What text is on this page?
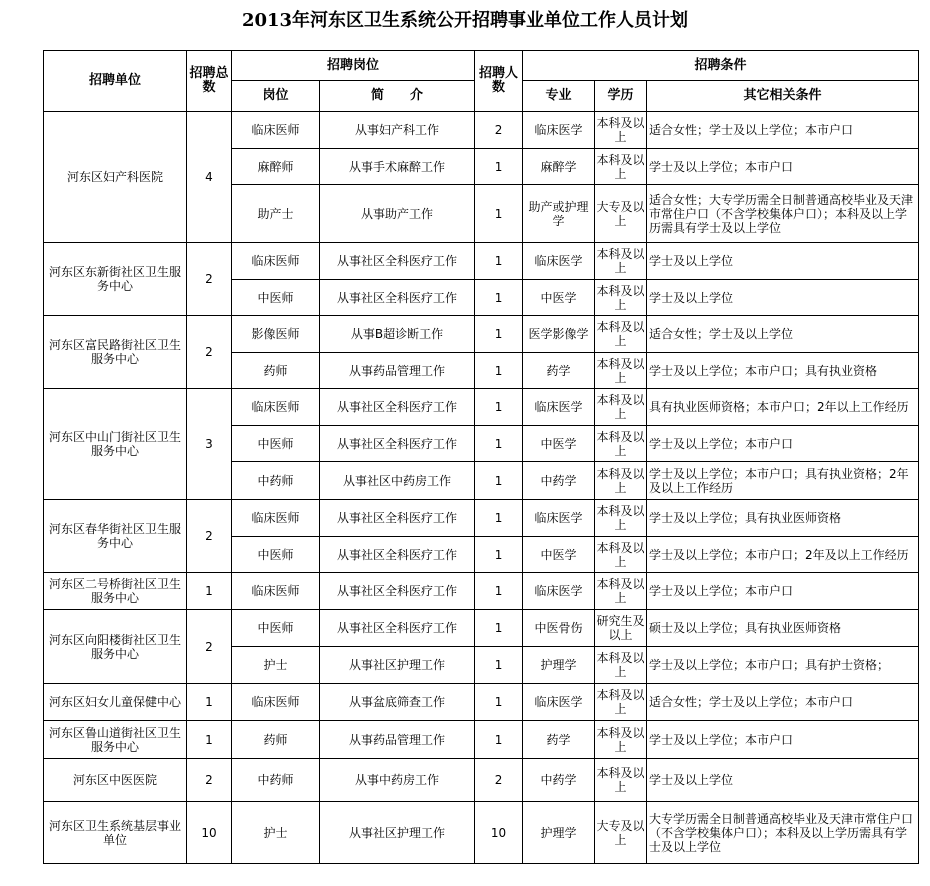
2013年河东区卫生系统公开招聘事业单位工作人员计划
招聘单位	招聘总数	招聘岗位		招聘人数	招聘条件		
		岗位	简　　介		专业	学历	其它相关条件
河东区妇产科医院	4	临床医师	从事妇产科工作	2	临床医学	本科及以上	适合女性；学士及以上学位；本市户口
		麻醉师	从事手术麻醉工作	1	麻醉学	本科及以上	学士及以上学位；本市户口
		助产士	从事助产工作	1	助产或护理学	大专及以上	适合女性；大专学历需全日制普通高校毕业及天津市常住户口（不含学校集体户口）；本科及以上学历需具有学士及以上学位
河东区东新街社区卫生服务中心	2	临床医师	从事社区全科医疗工作	1	临床医学	本科及以上	学士及以上学位
		中医师	从事社区全科医疗工作	1	中医学	本科及以上	学士及以上学位
河东区富民路街社区卫生服务中心	2	影像医师	从事B超诊断工作	1	医学影像学	本科及以上	适合女性；学士及以上学位
		药师	从事药品管理工作	1	药学	本科及以上	学士及以上学位；本市户口；具有执业资格
河东区中山门街社区卫生服务中心	3	临床医师	从事社区全科医疗工作	1	临床医学	本科及以上	具有执业医师资格；本市户口；2年以上工作经历
		中医师	从事社区全科医疗工作	1	中医学	本科及以上	学士及以上学位；本市户口
		中药师	从事社区中药房工作	1	中药学	本科及以上	学士及以上学位；本市户口；具有执业资格；2年及以上工作经历
河东区春华街社区卫生服务中心	2	临床医师	从事社区全科医疗工作	1	临床医学	本科及以上	学士及以上学位；具有执业医师资格
		中医师	从事社区全科医疗工作	1	中医学	本科及以上	学士及以上学位；本市户口；2年及以上工作经历
河东区二号桥街社区卫生服务中心	1	临床医师	从事社区全科医疗工作	1	临床医学	本科及以上	学士及以上学位；本市户口
河东区向阳楼街社区卫生服务中心	2	中医师	从事社区全科医疗工作	1	中医骨伤	研究生及以上	硕士及以上学位；具有执业医师资格
		护士	从事社区护理工作	1	护理学	本科及以上	学士及以上学位；本市户口；具有护士资格；
河东区妇女儿童保健中心	1	临床医师	从事盆底筛查工作	1	临床医学	本科及以上	适合女性；学士及以上学位；本市户口
河东区鲁山道街社区卫生服务中心	1	药师	从事药品管理工作	1	药学	本科及以上	学士及以上学位；本市户口
河东区中医医院	2	中药师	从事中药房工作	2	中药学	本科及以上	学士及以上学位
河东区卫生系统基层事业单位	10	护士	从事社区护理工作	10	护理学	大专及以上	大专学历需全日制普通高校毕业及天津市常住户口（不含学校集体户口）；本科及以上学历需具有学士及以上学位
